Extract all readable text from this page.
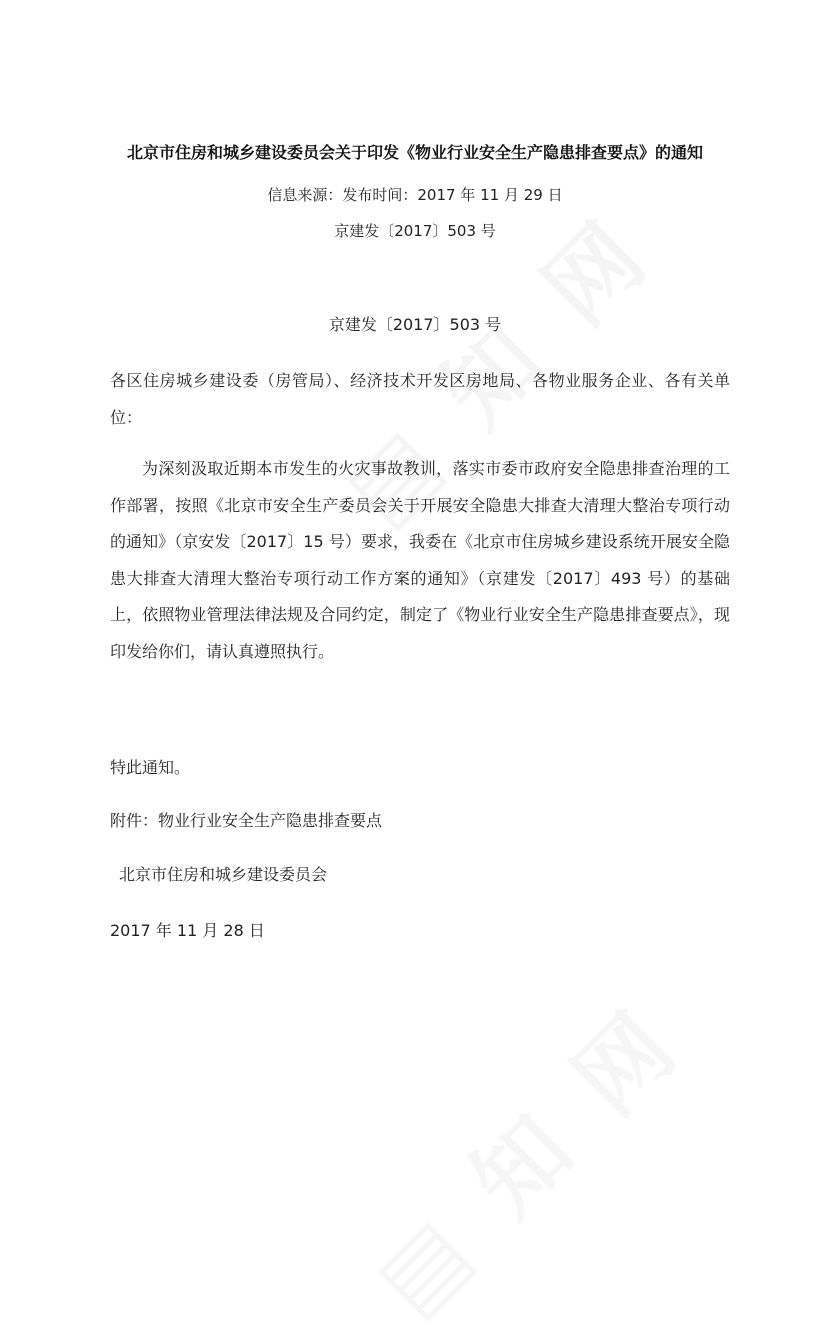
北京市住房和城乡建设委员会关于印发《物业行业安全生产隐患排查要点》的通知
信息来源：发布时间：2017 年 11 月 29 日
京建发〔2017〕503 号
京建发〔2017〕503 号
各区住房城乡建设委（房管局）、经济技术开发区房地局、各物业服务企业、各有关单位：
为深刻汲取近期本市发生的火灾事故教训，落实市委市政府安全隐患排查治理的工作部署，按照《北京市安全生产委员会关于开展安全隐患大排查大清理大整治专项行动的通知》（京安发〔2017〕15 号）要求，我委在《北京市住房城乡建设系统开展安全隐患大排查大清理大整治专项行动工作方案的通知》（京建发〔2017〕493 号）的基础上，依照物业管理法律法规及合同约定，制定了《物业行业安全生产隐患排查要点》，现印发给你们，请认真遵照执行。
特此通知。
附件：物业行业安全生产隐患排查要点
北京市住房和城乡建设委员会
2017 年 11 月 28 日
